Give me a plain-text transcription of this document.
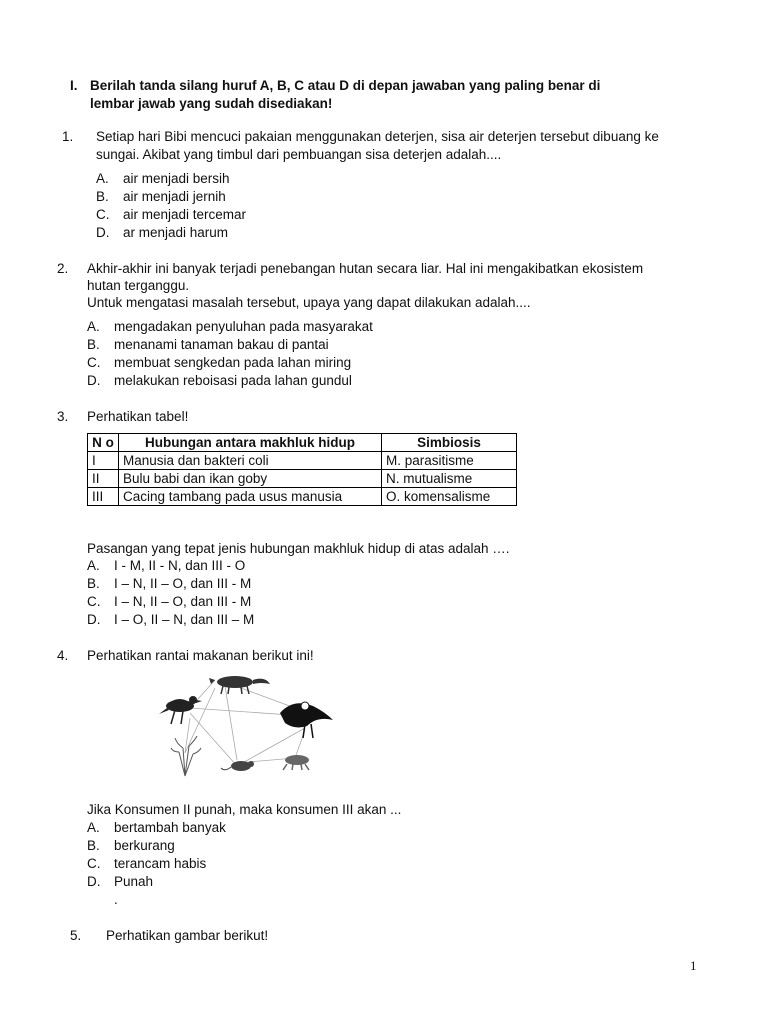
I. Berilah tanda silang huruf A, B, C atau D di depan jawaban yang paling benar di
lembar jawab yang sudah disediakan!
1. Setiap hari Bibi mencuci pakaian menggunakan deterjen, sisa air deterjen tersebut dibuang ke
sungai. Akibat yang timbul dari pembuangan sisa deterjen adalah....
A. air menjadi bersih
B. air menjadi jernih
C. air menjadi tercemar
D. ar menjadi harum
2. Akhir-akhir ini banyak terjadi penebangan hutan secara liar. Hal ini mengakibatkan ekosistem
hutan terganggu.
Untuk mengatasi masalah tersebut, upaya yang dapat dilakukan adalah....
A. mengadakan penyuluhan pada masyarakat
B. menanami tanaman bakau di pantai
C. membuat sengkedan pada lahan miring
D. melakukan reboisasi pada lahan gundul
3. Perhatikan tabel!
N o	Hubungan antara makhluk hidup	Simbiosis
I	Manusia dan bakteri coli	M. parasitisme
II	Bulu babi dan ikan goby	N. mutualisme
III	Cacing tambang pada usus manusia	O. komensalisme
Pasangan yang tepat jenis hubungan makhluk hidup di atas adalah ….
A. I - M, II - N, dan III - O
B. I – N, II – O, dan III - M
C. I – N, II – O, dan III - M
D. I – O, II – N, dan III – M
4. Perhatikan rantai makanan berikut ini!
Jika Konsumen II punah, maka konsumen III akan ...
A. bertambah banyak
B. berkurang
C. terancam habis
D. Punah
.
5. Perhatikan gambar berikut!
1
